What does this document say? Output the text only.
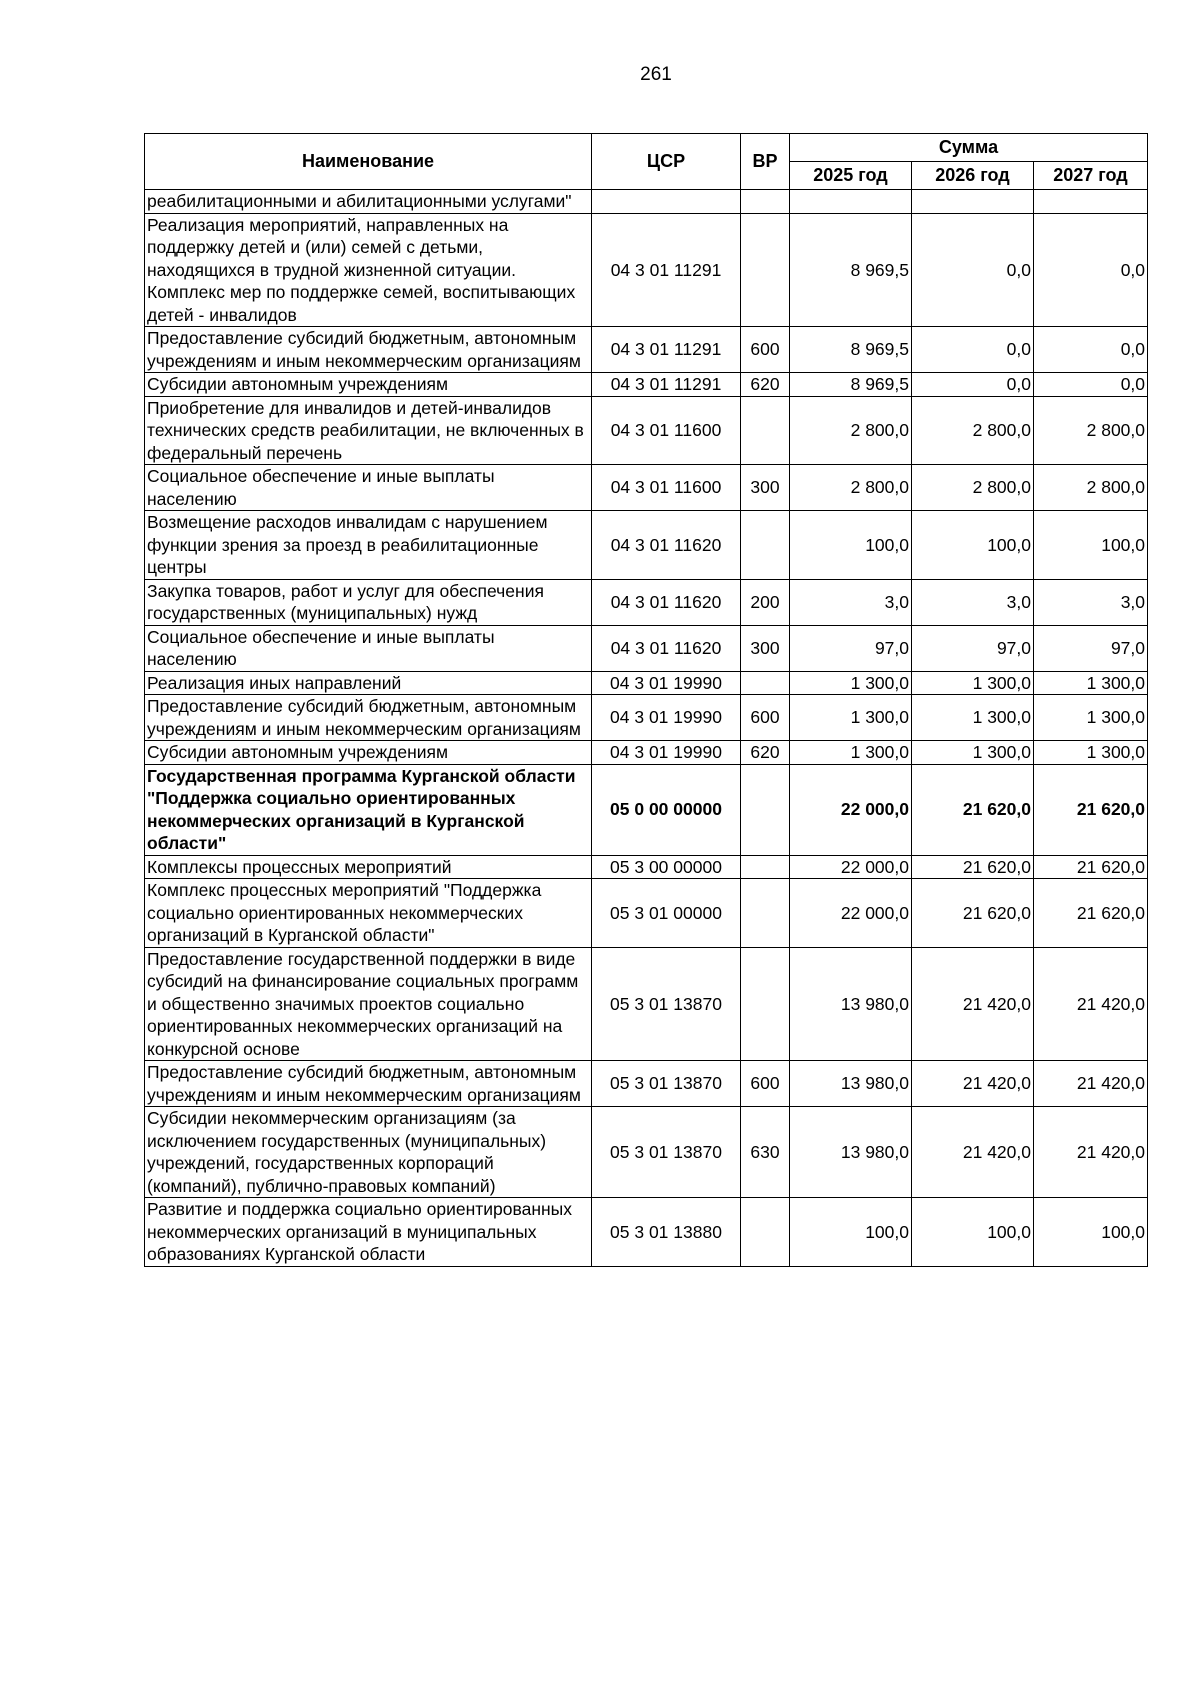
261
Наименование	ЦСР	ВР	Сумма		
			2025 год	2026 год	2027 год
реабилитационными и абилитационными услугами"					
Реализация мероприятий, направленных на поддержку детей и (или) семей с детьми, находящихся в трудной жизненной ситуации. Комплекс мер по поддержке семей, воспитывающих детей - инвалидов	04 3 01 11291		8 969,5	0,0	0,0
Предоставление субсидий бюджетным, автономным учреждениям и иным некоммерческим организациям	04 3 01 11291	600	8 969,5	0,0	0,0
Субсидии автономным учреждениям	04 3 01 11291	620	8 969,5	0,0	0,0
Приобретение для инвалидов и детей-инвалидов технических средств реабилитации, не включенных в федеральный перечень	04 3 01 11600		2 800,0	2 800,0	2 800,0
Социальное обеспечение и иные выплаты населению	04 3 01 11600	300	2 800,0	2 800,0	2 800,0
Возмещение расходов инвалидам с нарушением функции зрения за проезд в реабилитационные центры	04 3 01 11620		100,0	100,0	100,0
Закупка товаров, работ и услуг для обеспечения государственных (муниципальных) нужд	04 3 01 11620	200	3,0	3,0	3,0
Социальное обеспечение и иные выплаты населению	04 3 01 11620	300	97,0	97,0	97,0
Реализация иных направлений	04 3 01 19990		1 300,0	1 300,0	1 300,0
Предоставление субсидий бюджетным, автономным учреждениям и иным некоммерческим организациям	04 3 01 19990	600	1 300,0	1 300,0	1 300,0
Субсидии автономным учреждениям	04 3 01 19990	620	1 300,0	1 300,0	1 300,0
Государственная программа Курганской области "Поддержка социально ориентированных некоммерческих организаций в Курганской области"	05 0 00 00000		22 000,0	21 620,0	21 620,0
Комплексы процессных мероприятий	05 3 00 00000		22 000,0	21 620,0	21 620,0
Комплекс процессных мероприятий "Поддержка социально ориентированных некоммерческих организаций в Курганской области"	05 3 01 00000		22 000,0	21 620,0	21 620,0
Предоставление государственной поддержки в виде субсидий на финансирование социальных программ и общественно значимых проектов социально ориентированных некоммерческих организаций на конкурсной основе	05 3 01 13870		13 980,0	21 420,0	21 420,0
Предоставление субсидий бюджетным, автономным учреждениям и иным некоммерческим организациям	05 3 01 13870	600	13 980,0	21 420,0	21 420,0
Субсидии некоммерческим организациям (за исключением государственных (муниципальных) учреждений, государственных корпораций (компаний), публично-правовых компаний)	05 3 01 13870	630	13 980,0	21 420,0	21 420,0
Развитие и поддержка социально ориентированных некоммерческих организаций в муниципальных образованиях Курганской области	05 3 01 13880		100,0	100,0	100,0
